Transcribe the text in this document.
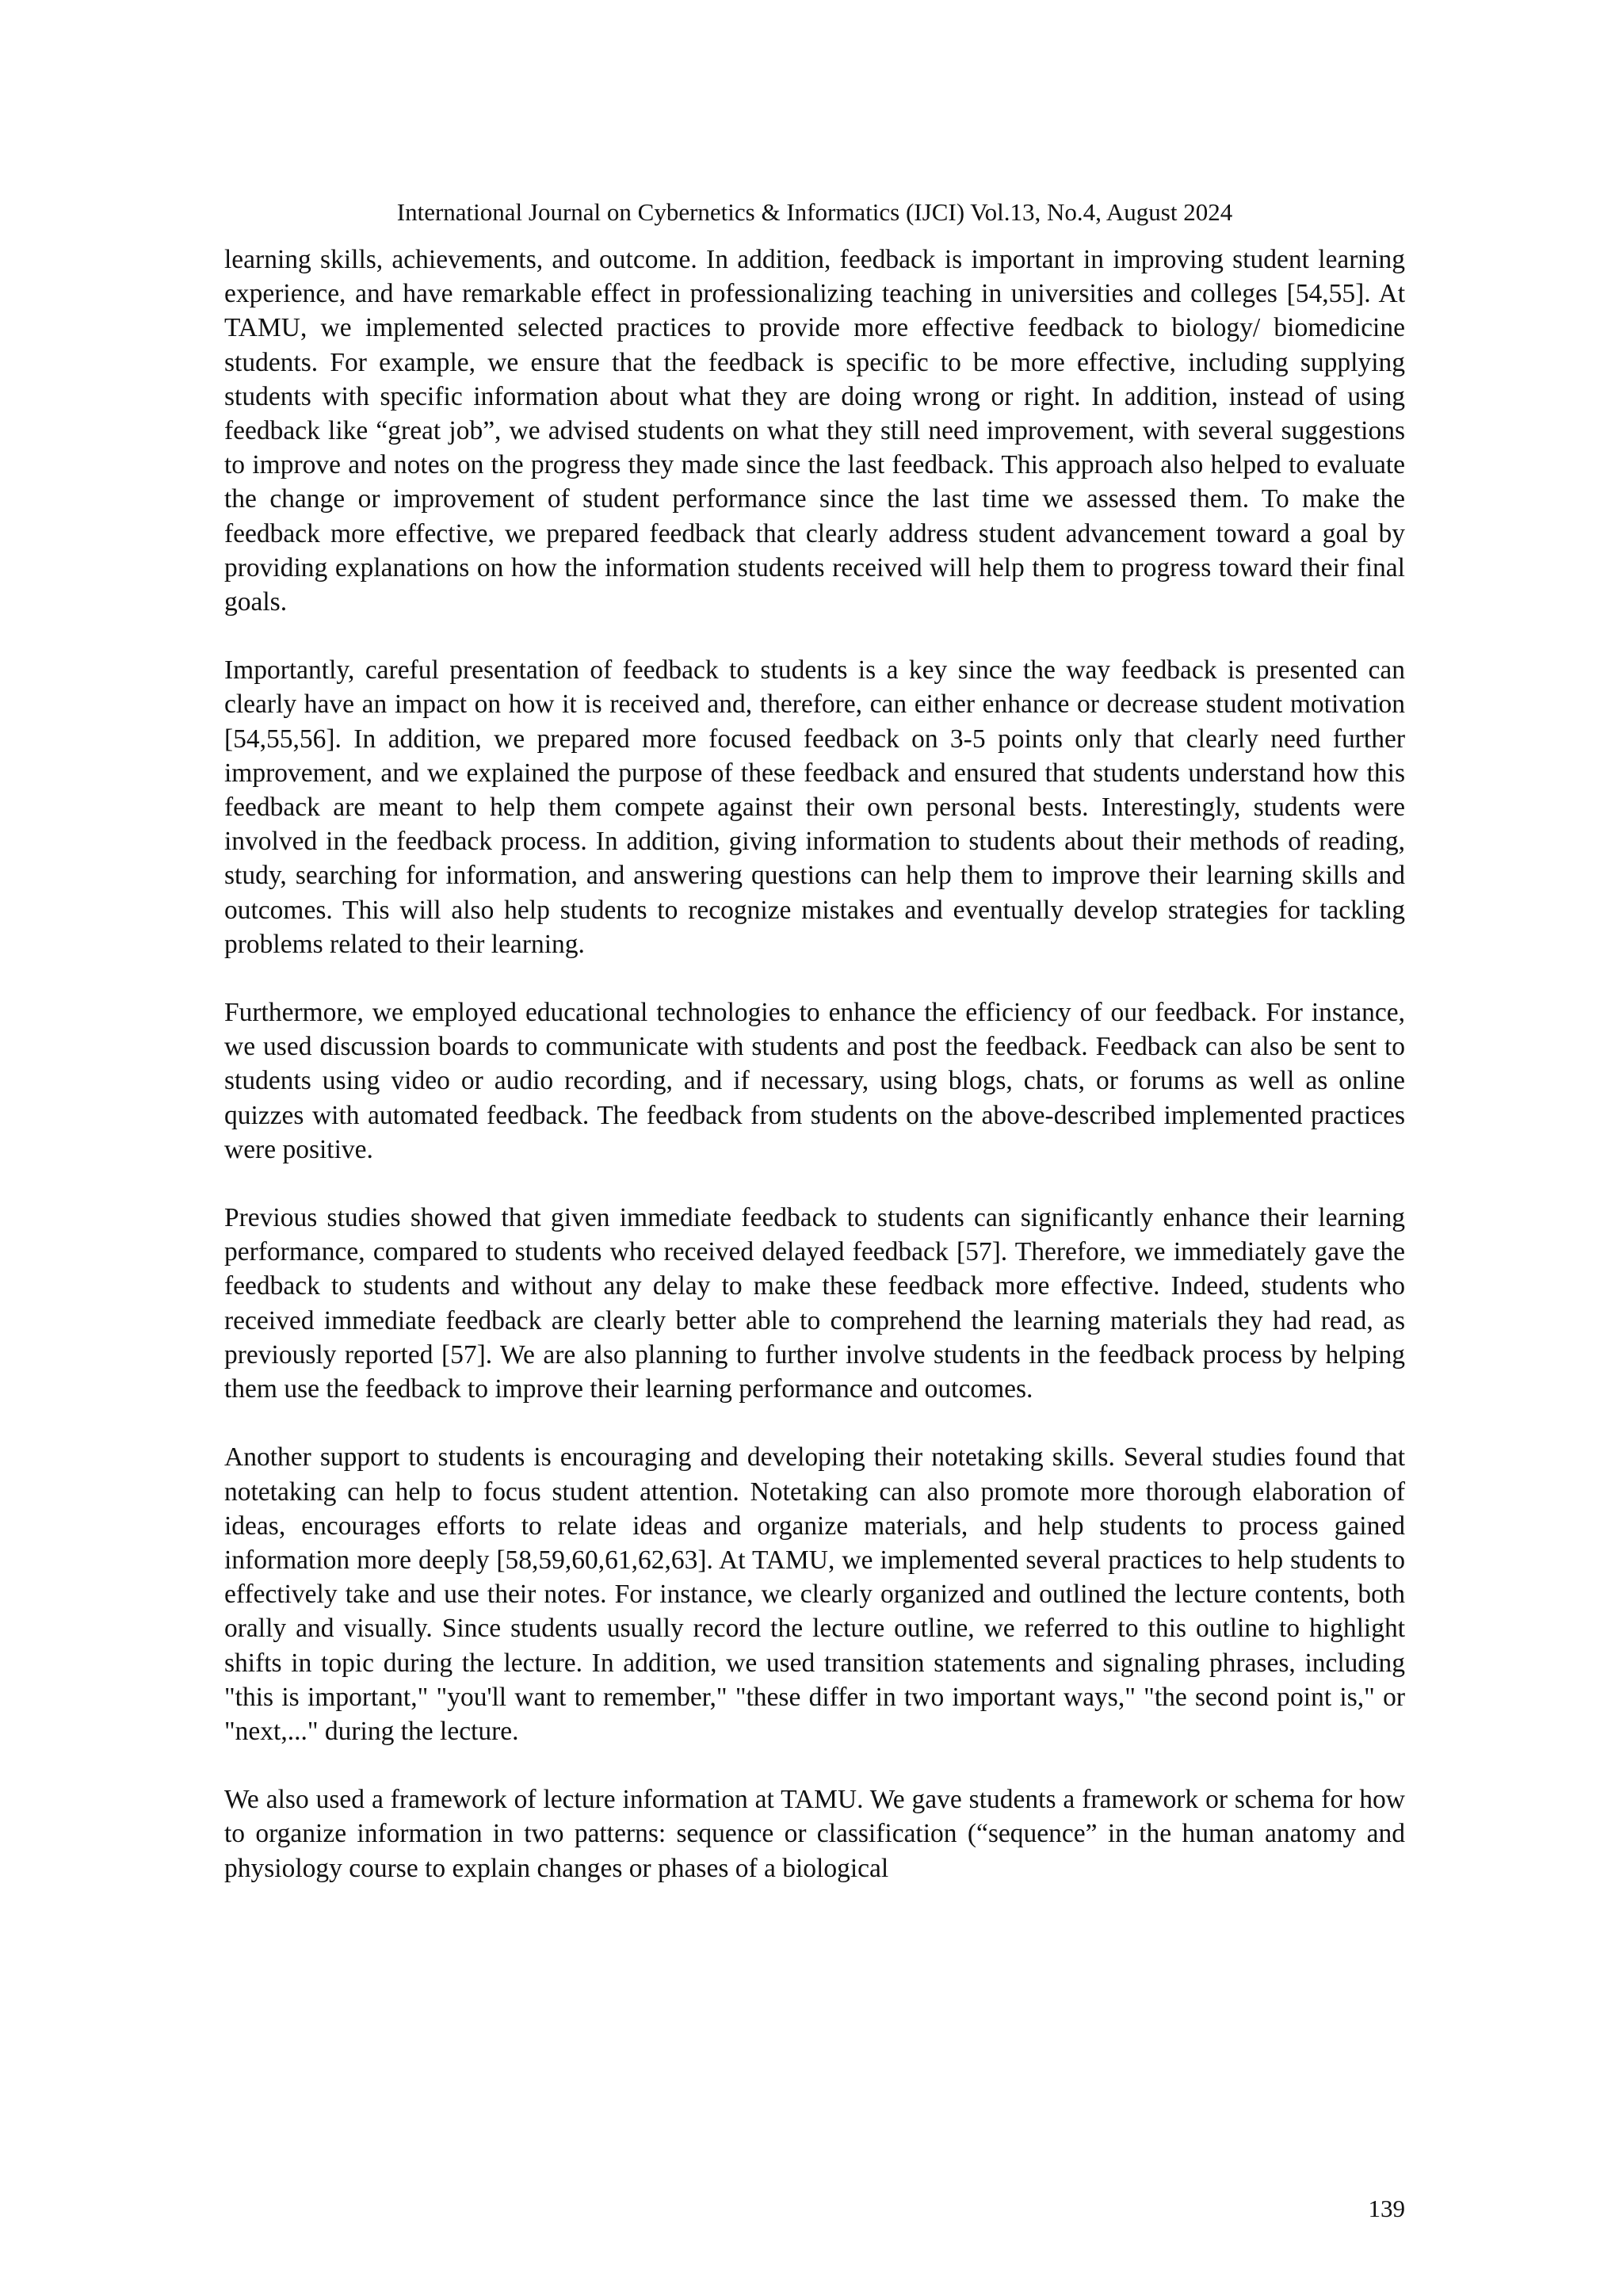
International Journal on Cybernetics & Informatics (IJCI) Vol.13, No.4, August 2024

learning skills, achievements, and outcome. In addition, feedback is important in improving student learning experience, and have remarkable effect in professionalizing teaching in universities and colleges [54,55]. At TAMU, we implemented selected practices to provide more effective feedback to biology/ biomedicine students. For example, we ensure that the feedback is specific to be more effective, including supplying students with specific information about what they are doing wrong or right. In addition, instead of using feedback like “great job”, we advised students on what they still need improvement, with several suggestions to improve and notes on the progress they made since the last feedback. This approach also helped to evaluate the change or improvement of student performance since the last time we assessed them. To make the feedback more effective, we prepared feedback that clearly address student advancement toward a goal by providing explanations on how the information students received will help them to progress toward their final goals.

Importantly, careful presentation of feedback to students is a key since the way feedback is presented can clearly have an impact on how it is received and, therefore, can either enhance or decrease student motivation [54,55,56]. In addition, we prepared more focused feedback on 3-5 points only that clearly need further improvement, and we explained the purpose of these feedback and ensured that students understand how this feedback are meant to help them compete against their own personal bests. Interestingly, students were involved in the feedback process. In addition, giving information to students about their methods of reading, study, searching for information, and answering questions can help them to improve their learning skills and outcomes. This will also help students to recognize mistakes and eventually develop strategies for tackling problems related to their learning.

Furthermore, we employed educational technologies to enhance the efficiency of our feedback. For instance, we used discussion boards to communicate with students and post the feedback. Feedback can also be sent to students using video or audio recording, and if necessary, using blogs, chats, or forums as well as online quizzes with automated feedback. The feedback from students on the above-described implemented practices were positive.

Previous studies showed that given immediate feedback to students can significantly enhance their learning performance, compared to students who received delayed feedback [57]. Therefore, we immediately gave the feedback to students and without any delay to make these feedback more effective. Indeed, students who received immediate feedback are clearly better able to comprehend the learning materials they had read, as previously reported [57]. We are also planning to further involve students in the feedback process by helping them use the feedback to improve their learning performance and outcomes.

Another support to students is encouraging and developing their notetaking skills. Several studies found that notetaking can help to focus student attention. Notetaking can also promote more thorough elaboration of ideas, encourages efforts to relate ideas and organize materials, and help students to process gained information more deeply [58,59,60,61,62,63]. At TAMU, we implemented several practices to help students to effectively take and use their notes. For instance, we clearly organized and outlined the lecture contents, both orally and visually. Since students usually record the lecture outline, we referred to this outline to highlight shifts in topic during the lecture. In addition, we used transition statements and signaling phrases, including "this is important," "you'll want to remember," "these differ in two important ways," "the second point is," or "next,..." during the lecture.

We also used a framework of lecture information at TAMU. We gave students a framework or schema for how to organize information in two patterns: sequence or classification (“sequence” in the human anatomy and physiology course to explain changes or phases of a biological

139
